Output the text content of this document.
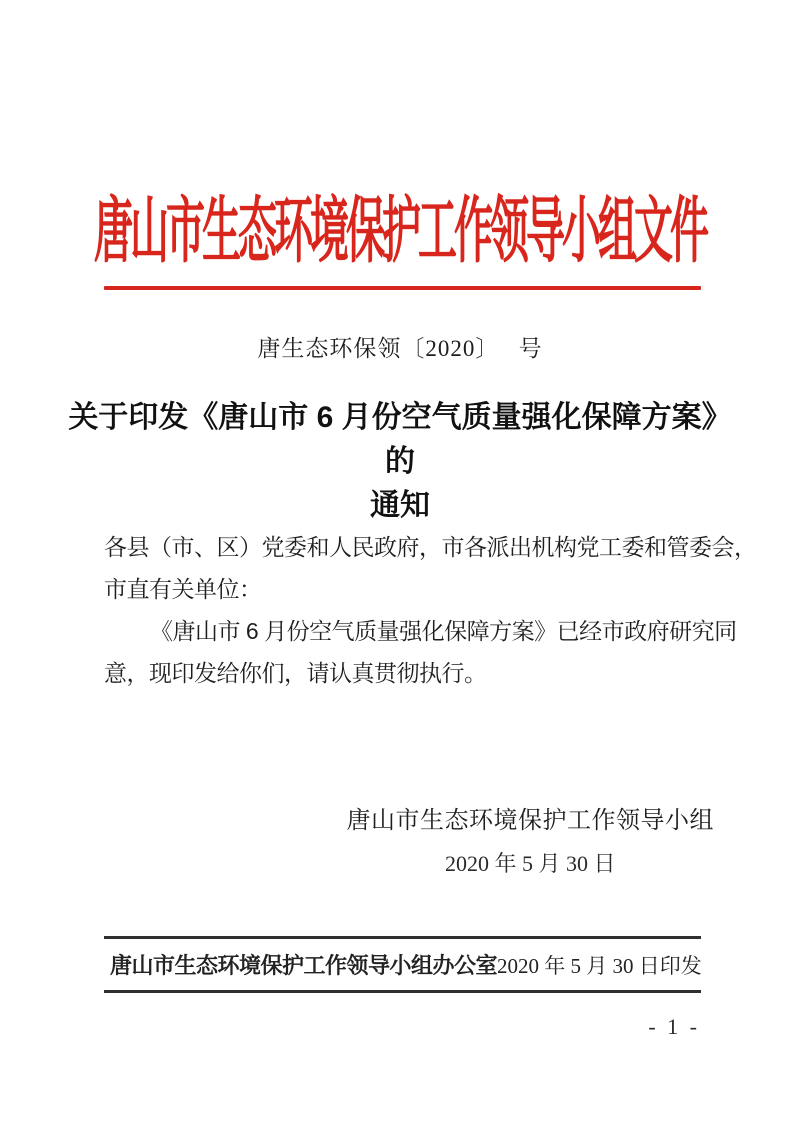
唐山市生态环境保护工作领导小组文件
唐生态环保领〔2020〕　 号
关于印发《唐山市 6 月份空气质量强化保障方案》的
通知
各县（市、区）党委和人民政府，市各派出机构党工委和管委会，
市直有关单位：
《唐山市 6 月份空气质量强化保障方案》已经市政府研究同
意，现印发给你们，请认真贯彻执行。
唐山市生态环境保护工作领导小组
2020 年 5 月 30 日
唐山市生态环境保护工作领导小组办公室 2020 年 5 月 30 日印发
- 1 -
